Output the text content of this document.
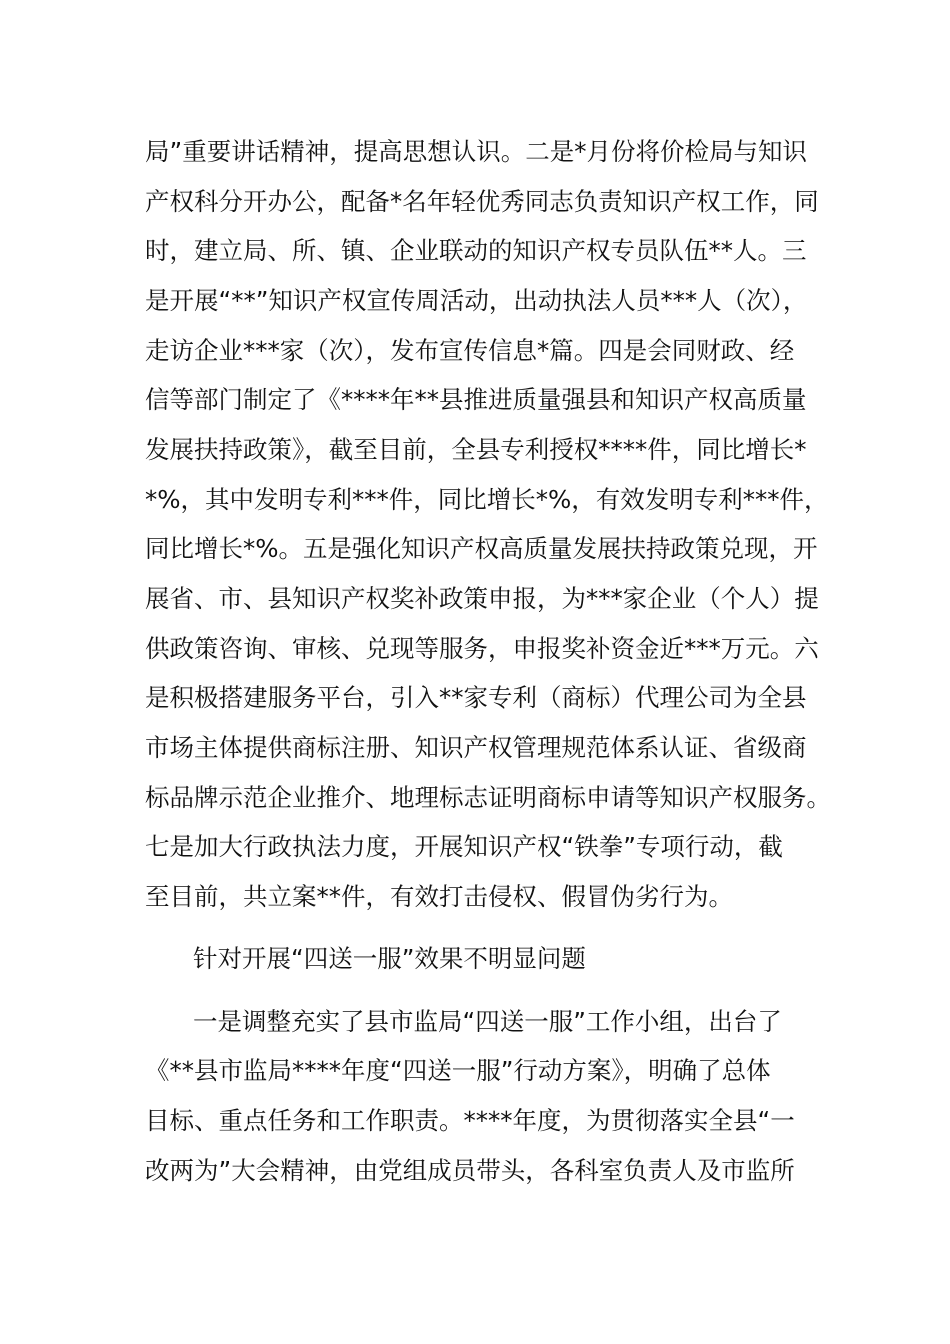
局”重要讲话精神，提高思想认识。二是*月份将价检局与知识
产权科分开办公，配备*名年轻优秀同志负责知识产权工作，同
时，建立局、所、镇、企业联动的知识产权专员队伍**人。三
是开展“**”知识产权宣传周活动，出动执法人员***人（次），
走访企业***家（次），发布宣传信息*篇。四是会同财政、经
信等部门制定了《****年**县推进质量强县和知识产权高质量
发展扶持政策》，截至目前，全县专利授权****件，同比增长*
*%，其中发明专利***件，同比增长*%，有效发明专利***件，
同比增长*%。五是强化知识产权高质量发展扶持政策兑现，开
展省、市、县知识产权奖补政策申报，为***家企业（个人）提
供政策咨询、审核、兑现等服务，申报奖补资金近***万元。六
是积极搭建服务平台，引入**家专利（商标）代理公司为全县
市场主体提供商标注册、知识产权管理规范体系认证、省级商
标品牌示范企业推介、地理标志证明商标申请等知识产权服务。
七是加大行政执法力度，开展知识产权“铁拳”专项行动，截
至目前，共立案**件，有效打击侵权、假冒伪劣行为。
针对开展“四送一服”效果不明显问题
一是调整充实了县市监局“四送一服”工作小组，出台了
《**县市监局****年度“四送一服”行动方案》，明确了总体
目标、重点任务和工作职责。****年度，为贯彻落实全县“一
改两为”大会精神，由党组成员带头，各科室负责人及市监所
